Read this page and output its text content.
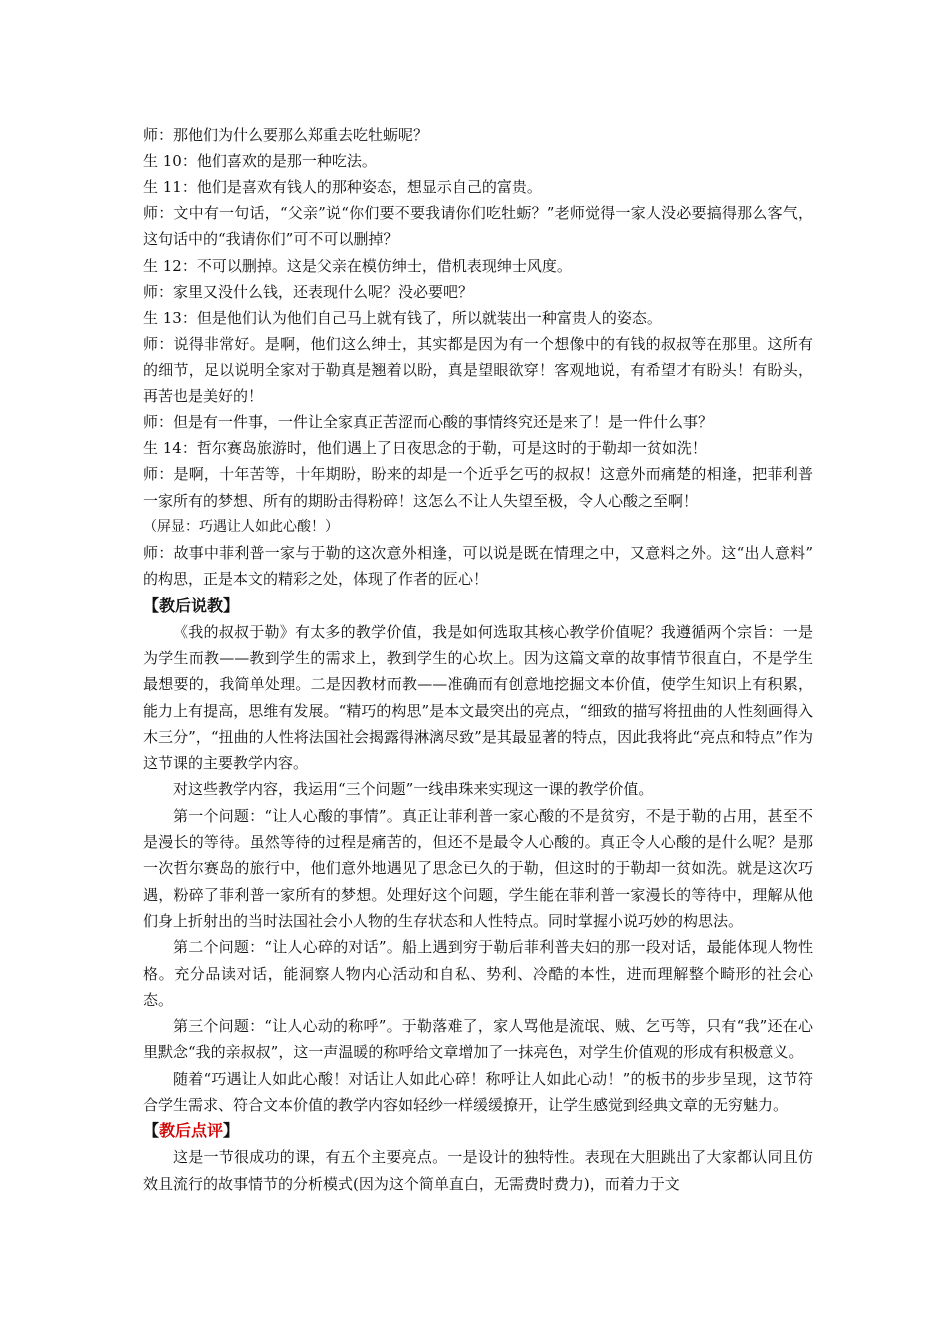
师：那他们为什么要那么郑重去吃牡蛎呢？
生 10：他们喜欢的是那一种吃法。
生 11：他们是喜欢有钱人的那种姿态，想显示自己的富贵。
师：文中有一句话，“父亲”说“你们要不要我请你们吃牡蛎？”老师觉得一家人没必要搞得那么客气，这句话中的“我请你们”可不可以删掉？
生 12：不可以删掉。这是父亲在模仿绅士，借机表现绅士风度。
师：家里又没什么钱，还表现什么呢？没必要吧？
生 13：但是他们认为他们自己马上就有钱了，所以就装出一种富贵人的姿态。
师：说得非常好。是啊，他们这么绅士，其实都是因为有一个想像中的有钱的叔叔等在那里。这所有的细节，足以说明全家对于勒真是翘着以盼，真是望眼欲穿！客观地说，有希望才有盼头！有盼头，再苦也是美好的！
师：但是有一件事，一件让全家真正苦涩而心酸的事情终究还是来了！是一件什么事？
生 14：哲尔赛岛旅游时，他们遇上了日夜思念的于勒，可是这时的于勒却一贫如洗！
师：是啊，十年苦等，十年期盼，盼来的却是一个近乎乞丐的叔叔！这意外而痛楚的相逢，把菲利普一家所有的梦想、所有的期盼击得粉碎！这怎么不让人失望至极，令人心酸之至啊！
（屏显：巧遇让人如此心酸！）
师：故事中菲利普一家与于勒的这次意外相逢，可以说是既在情理之中，又意料之外。这“出人意料” 的构思，正是本文的精彩之处，体现了作者的匠心！
【教后说教】
《我的叔叔于勒》有太多的教学价值，我是如何选取其核心教学价值呢？我遵循两个宗旨：一是为学生而教——教到学生的需求上，教到学生的心坎上。因为这篇文章的故事情节很直白，不是学生最想要的，我简单处理。二是因教材而教——准确而有创意地挖掘文本价值，使学生知识上有积累，能力上有提高，思维有发展。“精巧的构思”是本文最突出的亮点，“细致的描写将扭曲的人性刻画得入木三分”，“扭曲的人性将法国社会揭露得淋漓尽致”是其最显著的特点，因此我将此“亮点和特点”作为这节课的主要教学内容。
对这些教学内容，我运用“三个问题”一线串珠来实现这一课的教学价值。
第一个问题：“让人心酸的事情”。真正让菲利普一家心酸的不是贫穷，不是于勒的占用，甚至不是漫长的等待。虽然等待的过程是痛苦的，但还不是最令人心酸的。真正令人心酸的是什么呢？是那一次哲尔赛岛的旅行中，他们意外地遇见了思念已久的于勒，但这时的于勒却一贫如洗。就是这次巧遇，粉碎了菲利普一家所有的梦想。处理好这个问题，学生能在菲利普一家漫长的等待中，理解从他们身上折射出的当时法国社会小人物的生存状态和人性特点。同时掌握小说巧妙的构思法。
第二个问题：“让人心碎的对话”。船上遇到穷于勒后菲利普夫妇的那一段对话，最能体现人物性格。充分品读对话，能洞察人物内心活动和自私、势利、冷酷的本性，进而理解整个畸形的社会心态。
第三个问题：“让人心动的称呼”。于勒落难了，家人骂他是流氓、贼、乞丐等，只有“我”还在心里默念“我的亲叔叔”，这一声温暖的称呼给文章增加了一抹亮色，对学生价值观的形成有积极意义。
随着“巧遇让人如此心酸！对话让人如此心碎！称呼让人如此心动！”的板书的步步呈现，这节符合学生需求、符合文本价值的教学内容如轻纱一样缓缓撩开，让学生感觉到经典文章的无穷魅力。
【教后点评】
这是一节很成功的课，有五个主要亮点。一是设计的独特性。表现在大胆跳出了大家都认同且仿效且流行的故事情节的分析模式(因为这个简单直白，无需费时费力)，而着力于文
